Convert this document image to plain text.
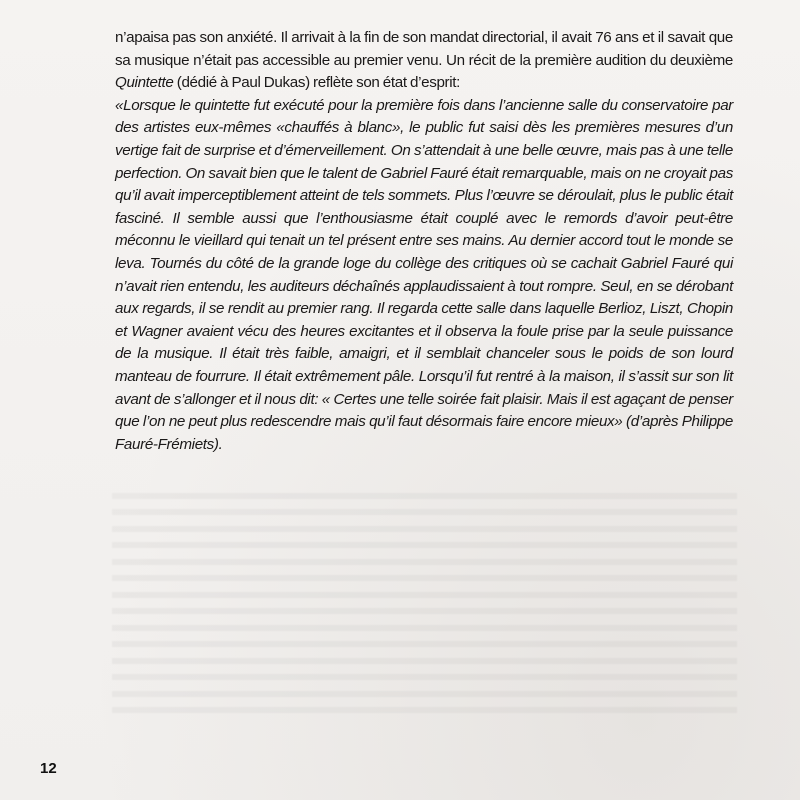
n’apaisa pas son anxiété. Il arrivait à la fin de son mandat directorial, il avait 76 ans et il savait que sa musique n’était pas accessible au premier venu. Un récit de la première audition du deuxième Quintette (dédié à Paul Dukas) reflète son état d’esprit:

«Lorsque le quintette fut exécuté pour la première fois dans l’ancienne salle du conservatoire par des artistes eux-mêmes «chauffés à blanc», le public fut saisi dès les premières mesures d’un vertige fait de surprise et d’émerveillement. On s’attendait à une belle œuvre, mais pas à une telle perfection. On savait bien que le talent de Gabriel Fauré était remarquable, mais on ne croyait pas qu’il avait imperceptiblement atteint de tels sommets. Plus l’œuvre se déroulait, plus le public était fasciné. Il semble aussi que l’enthousiasme était couplé avec le remords d’avoir peut-être méconnu le vieillard qui tenait un tel présent entre ses mains. Au dernier accord tout le monde se leva. Tournés du côté de la grande loge du collège des critiques où se cachait Gabriel Fauré qui n’avait rien entendu, les auditeurs déchaînés applaudissaient à tout rompre. Seul, en se dérobant aux regards, il se rendit au premier rang. Il regarda cette salle dans laquelle Berlioz, Liszt, Chopin et Wagner avaient vécu des heures excitantes et il observa la foule prise par la seule puissance de la musique. Il était très faible, amaigri, et il semblait chanceler sous le poids de son lourd manteau de fourrure. Il était extrêmement pâle. Lorsqu’il fut rentré à la maison, il s’assit sur son lit avant de s’allonger et il nous dit: « Certes une telle soirée fait plaisir. Mais il est agaçant de penser que l’on ne peut plus redescendre mais qu’il faut désormais faire encore mieux» (d’après Philippe Fauré-Frémiets).

12
